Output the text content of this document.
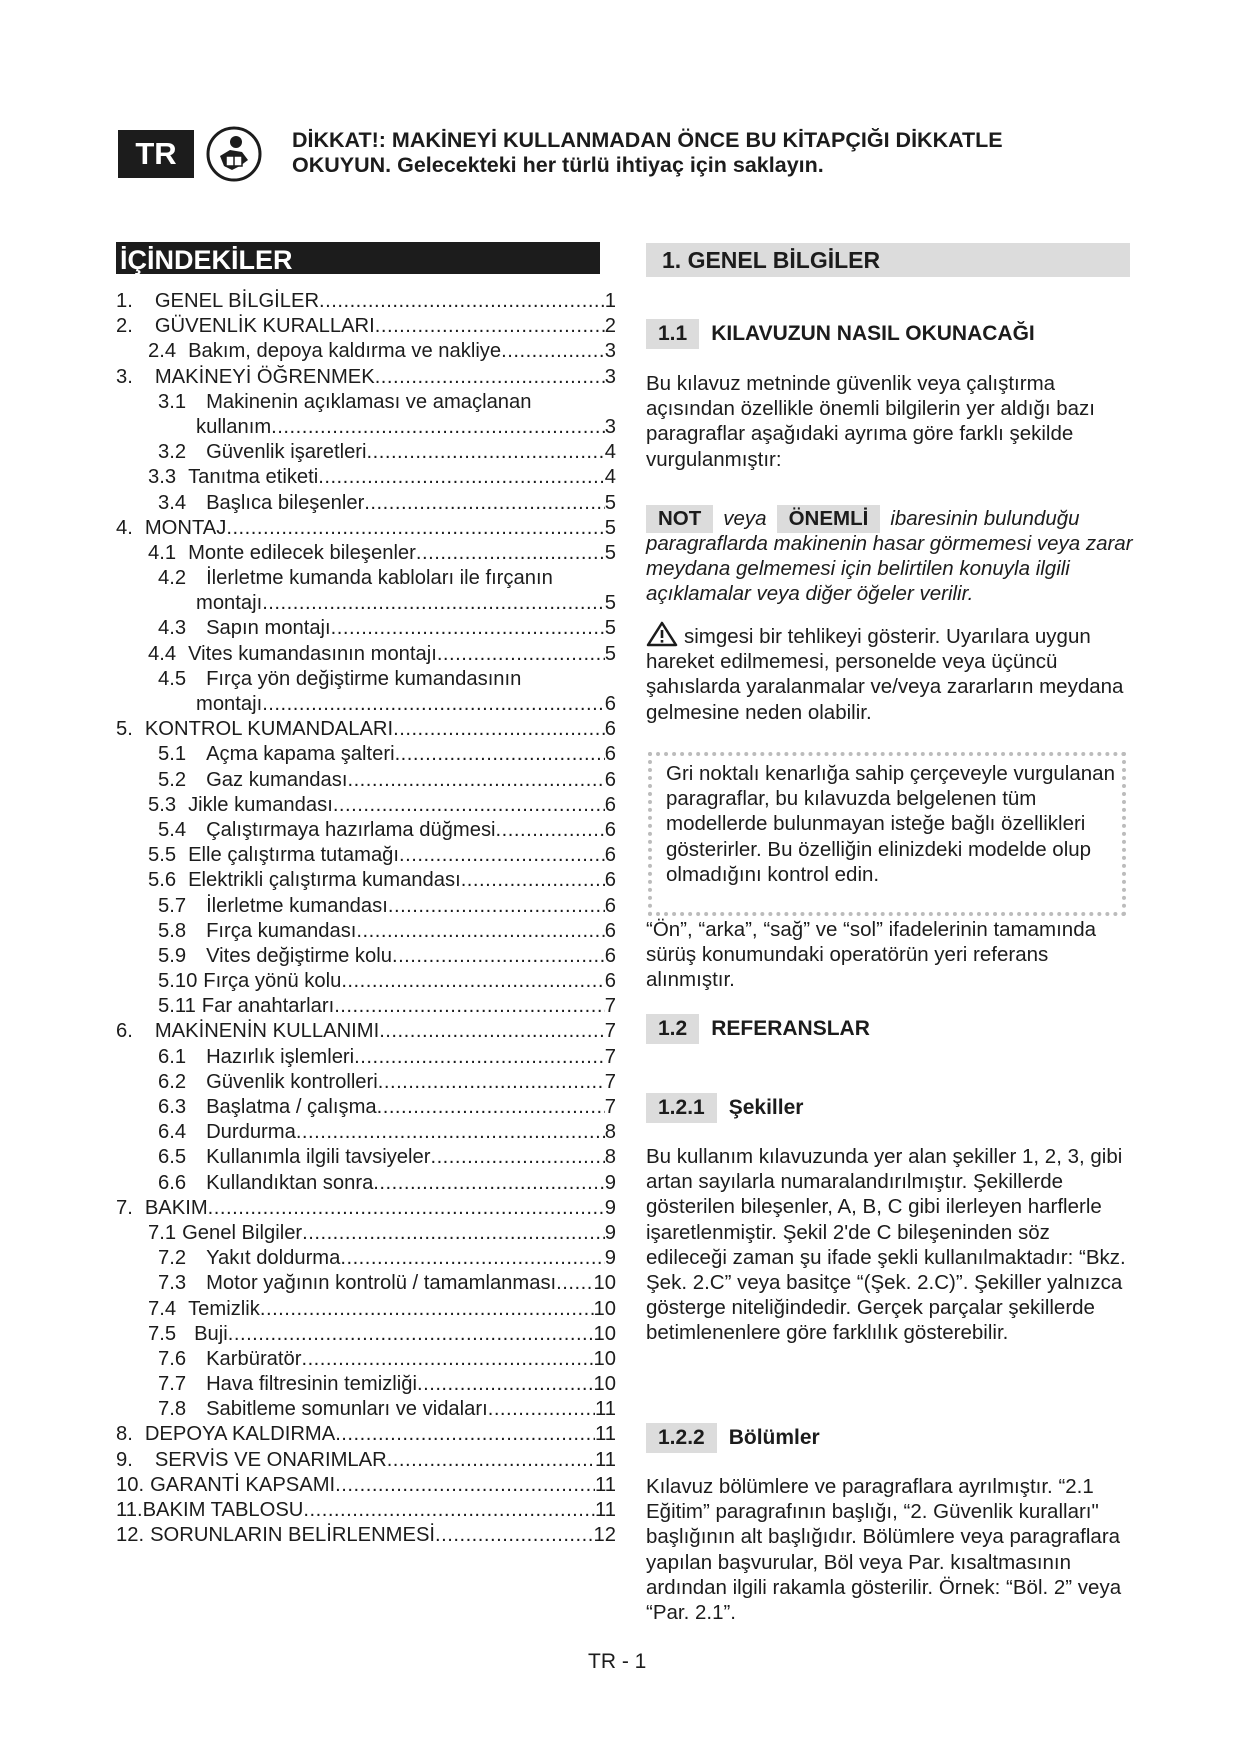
TR	DİKKAT!: MAKİNEYİ KULLANMADAN ÖNCE BU KİTAPÇIĞI DİKKATLE
OKUYUN. Gelecekteki her türlü ihtiyaç için saklayın.
İÇİNDEKİLER
1. GENEL BİLGİLER .....	1
2. GÜVENLİK KURALLARI .....	2
2.4 Bakım, depoya kaldırma ve nakliye .....	3
3. MAKİNEYİ ÖĞRENMEK .....	3
3.1 Makinenin açıklaması ve amaçlanan
kullanım .....	3
3.2 Güvenlik işaretleri .....	4
3.3 Tanıtma etiketi .....	4
3.4 Başlıca bileşenler .....	5
4. MONTAJ .....	5
4.1 Monte edilecek bileşenler .....	5
4.2 İlerletme kumanda kabloları ile fırçanın
montajı .....	5
4.3 Sapın montajı .....	5
4.4 Vites kumandasının montajı .....	5
4.5 Fırça yön değiştirme kumandasının
montajı .....	6
5. KONTROL KUMANDALARI .....	6
5.1 Açma kapama şalteri .....	6
5.2 Gaz kumandası .....	6
5.3 Jikle kumandası .....	6
5.4 Çalıştırmaya hazırlama düğmesi .....	6
5.5 Elle çalıştırma tutamağı .....	6
5.6 Elektrikli çalıştırma kumandası .....	6
5.7 İlerletme kumandası .....	6
5.8 Fırça kumandası .....	6
5.9 Vites değiştirme kolu .....	6
5.10 Fırça yönü kolu .....	6
5.11 Far anahtarları .....	7
6. MAKİNENİN KULLANIMI .....	7
6.1 Hazırlık işlemleri .....	7
6.2 Güvenlik kontrolleri .....	7
6.3 Başlatma / çalışma .....	7
6.4 Durdurma .....	8
6.5 Kullanımla ilgili tavsiyeler .....	8
6.6 Kullandıktan sonra .....	9
7. BAKIM .....	9
7.1 Genel Bilgiler .....	9
7.2 Yakıt doldurma .....	9
7.3 Motor yağının kontrolü / tamamlanması ..... 10
7.4 Temizlik .....	10
7.5 Buji .....	10
7.6 Karbüratör .....	10
7.7 Hava filtresinin temizliği .....	10
7.8 Sabitleme somunları ve vidaları .....	11
8. DEPOYA KALDIRMA .....	11
9. SERVİS VE ONARIMLAR .....	11
10. GARANTİ KAPSAMI .....	11
11. BAKIM TABLOSU .....	11
12. SORUNLARIN BELİRLENMESİ .....	12
1. GENEL BİLGİLER
1.1	KILAVUZUN NASIL OKUNACAĞI
Bu kılavuz metninde güvenlik veya çalıştırma açısından özellikle önemli bilgilerin yer aldığı bazı paragraflar aşağıdaki ayrıma göre farklı şekilde vurgulanmıştır:
NOT	veya	ÖNEMLİ	ibaresinin bulunduğu
paragraflarda makinenin hasar görmemesi veya zarar meydana gelmemesi için belirtilen konuyla ilgili açıklamalar veya diğer öğeler verilir.
simgesi bir tehlikeyi gösterir. Uyarılara uygun hareket edilmemesi, personelde veya üçüncü şahıslarda yaralanmalar ve/veya zararların meydana gelmesine neden olabilir.
Gri noktalı kenarlığa sahip çerçeveyle vurgulanan paragraflar, bu kılavuzda belgelenen tüm modellerde bulunmayan isteğe bağlı özellikleri gösterirler. Bu özelliğin elinizdeki modelde olup olmadığını kontrol edin.
“Ön”, “arka”, “sağ” ve “sol” ifadelerinin tamamında sürüş konumundaki operatörün yeri referans alınmıştır.
1.2	REFERANSLAR
1.2.1	Şekiller
Bu kullanım kılavuzunda yer alan şekiller 1, 2, 3, gibi artan sayılarla numaralandırılmıştır. Şekillerde gösterilen bileşenler, A, B, C gibi ilerleyen harflerle işaretlenmiştir. Şekil 2'de C bileşeninden söz edileceği zaman şu ifade şekli kullanılmaktadır: “Bkz. Şek. 2.C” veya basitçe “(Şek. 2.C)”. Şekiller yalnızca gösterge niteliğindedir. Gerçek parçalar şekillerde betimlenenlere göre farklılık gösterebilir.
1.2.2	Bölümler
Kılavuz bölümlere ve paragraflara ayrılmıştır. “2.1 Eğitim” paragrafının başlığı, “2. Güvenlik kuralları" başlığının alt başlığıdır. Bölümlere veya paragraflara yapılan başvurular, Böl veya Par. kısaltmasının ardından ilgili rakamla gösterilir. Örnek: “Böl. 2” veya “Par. 2.1”.
TR - 1
